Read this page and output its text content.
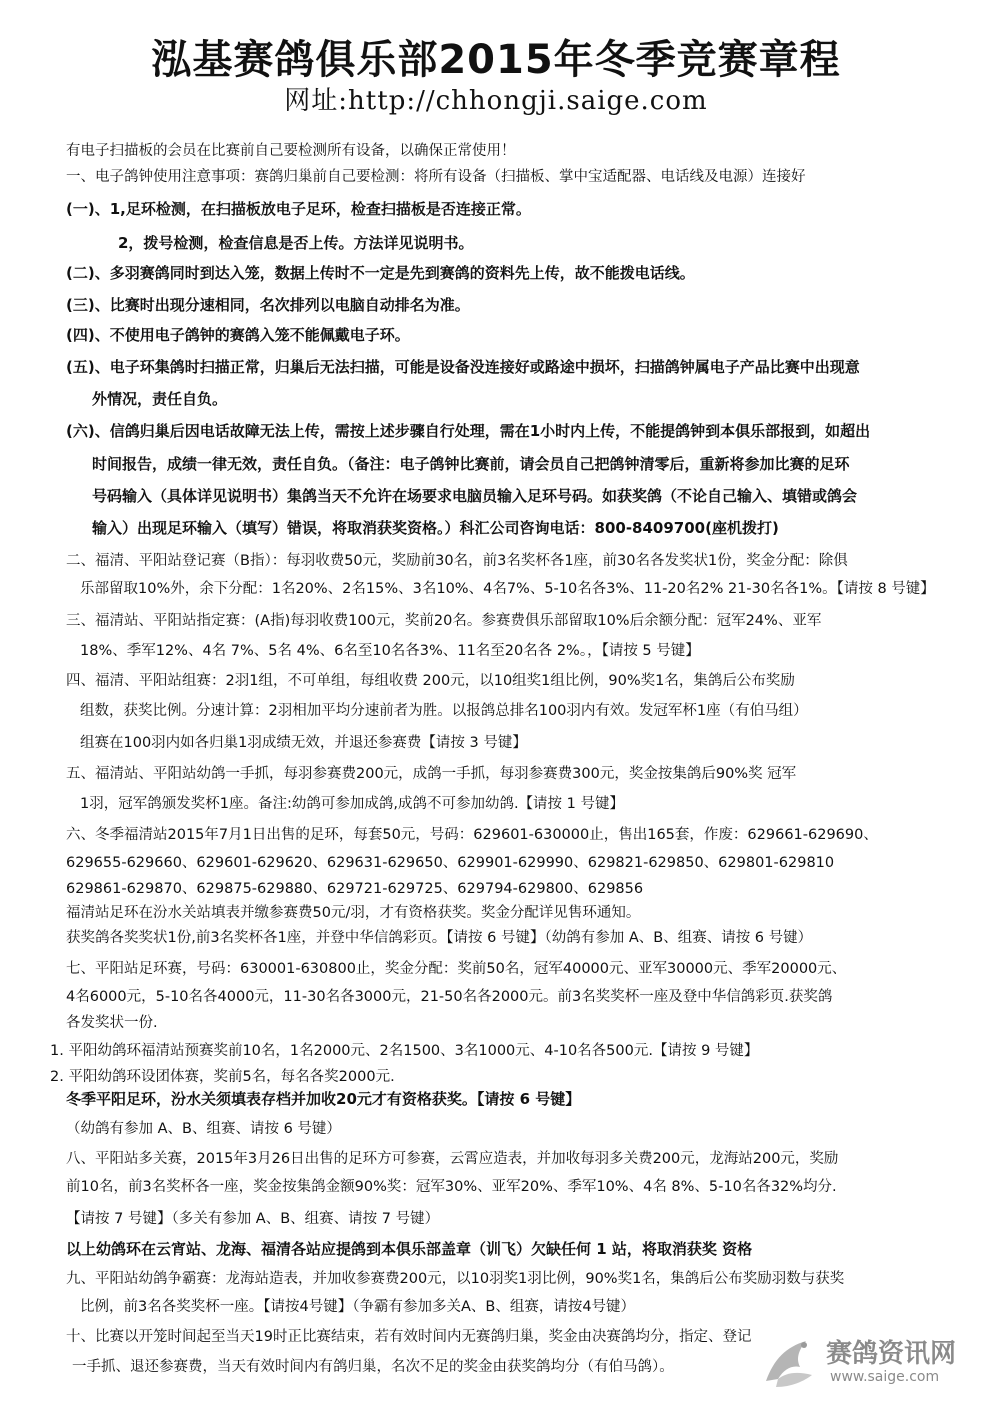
泓基赛鸽俱乐部2015年冬季竞赛章程
网址:http://chhongji.saige.com
有电子扫描板的会员在比赛前自己要检测所有设备，以确保正常使用！
一、电子鸽钟使用注意事项：赛鸽归巢前自己要检测：将所有设备（扫描板、掌中宝适配器、电话线及电源）连接好
(一)、1,足环检测，在扫描板放电子足环，检查扫描板是否连接正常。
2，拨号检测，检查信息是否上传。方法详见说明书。
(二)、多羽赛鸽同时到达入笼，数据上传时不一定是先到赛鸽的资料先上传，故不能拨电话线。
(三)、比赛时出现分速相同，名次排列以电脑自动排名为准。
(四)、不使用电子鸽钟的赛鸽入笼不能佩戴电子环。
(五)、电子环集鸽时扫描正常，归巢后无法扫描，可能是设备没连接好或路途中损坏，扫描鸽钟属电子产品比赛中出现意
外情况，责任自负。
(六)、信鸽归巢后因电话故障无法上传，需按上述步骤自行处理，需在1小时内上传，不能提鸽钟到本俱乐部报到，如超出
时间报告，成绩一律无效，责任自负。（备注：电子鸽钟比赛前，请会员自己把鸽钟清零后，重新将参加比赛的足环
号码输入（具体详见说明书）集鸽当天不允许在场要求电脑员输入足环号码。如获奖鸽（不论自己输入、填错或鸽会
输入）出现足环输入（填写）错误，将取消获奖资格。）科汇公司咨询电话：800-8409700(座机拨打)
二、福清、平阳站登记赛（B指）：每羽收费50元，奖励前30名，前3名奖杯各1座，前30名各发奖状1份，奖金分配：除俱
乐部留取10%外，余下分配：1名20%、2名15%、3名10%、4名7%、5-10名各3%、11-20名2% 21-30名各1%。【请按 8 号键】
三、福清站、平阳站指定赛：(A指)每羽收费100元，奖前20名。参赛费俱乐部留取10%后余额分配：冠军24%、亚军
18%、季军12%、4名 7%、5名 4%、6名至10名各3%、11名至20名各 2%。，【请按 5 号键】
四、福清、平阳站组赛：2羽1组，不可单组，每组收费 200元，以10组奖1组比例，90%奖1名，集鸽后公布奖励
组数，获奖比例。分速计算：2羽相加平均分速前者为胜。以报鸽总排名100羽内有效。发冠军杯1座（有伯马组）
组赛在100羽内如各归巢1羽成绩无效，并退还参赛费【请按 3 号键】
五、福清站、平阳站幼鸽一手抓，每羽参赛费200元，成鸽一手抓，每羽参赛费300元，奖金按集鸽后90%奖 冠军
1羽，冠军鸽颁发奖杯1座。备注:幼鸽可参加成鸽,成鸽不可参加幼鸽.【请按 1 号键】
六、冬季福清站2015年7月1日出售的足环，每套50元，号码：629601-630000止，售出165套，作废：629661-629690、
629655-629660、629601-629620、629631-629650、629901-629990、629821-629850、629801-629810
629861-629870、629875-629880、629721-629725、629794-629800、629856
福清站足环在汾水关站填表并缴参赛费50元/羽，才有资格获奖。奖金分配详见售环通知。
获奖鸽各奖奖状1份,前3名奖杯各1座，并登中华信鸽彩页。【请按 6 号键】（幼鸽有参加 A、B、组赛、请按 6 号键）
七、平阳站足环赛，号码：630001-630800止，奖金分配：奖前50名，冠军40000元、亚军30000元、季军20000元、
4名6000元，5-10名各4000元，11-30名各3000元，21-50名各2000元。前3名奖奖杯一座及登中华信鸽彩页.获奖鸽
各发奖状一份.
1. 平阳幼鸽环福清站预赛奖前10名，1名2000元、2名1500、3名1000元、4-10名各500元.【请按 9 号键】
2. 平阳幼鸽环设团体赛，奖前5名，每名各奖2000元.
冬季平阳足环，汾水关须填表存档并加收20元才有资格获奖。【请按 6 号键】
（幼鸽有参加 A、B、组赛、请按 6 号键）
八、平阳站多关赛，2015年3月26日出售的足环方可参赛，云霄应造表，并加收每羽多关费200元，龙海站200元，奖励
前10名，前3名奖杯各一座，奖金按集鸽金额90%奖：冠军30%、亚军20%、季军10%、4名 8%、5-10名各32%均分.
【请按 7 号键】（多关有参加 A、B、组赛、请按 7 号键）
以上幼鸽环在云宵站、龙海、福清各站应提鸽到本俱乐部盖章（训飞）欠缺任何 1 站，将取消获奖 资格
九、平阳站幼鸽争霸赛：龙海站造表，并加收参赛费200元，以10羽奖1羽比例，90%奖1名，集鸽后公布奖励羽数与获奖
比例，前3名各奖奖杯一座。【请按4号键】（争霸有参加多关A、B、组赛，请按4号键）
十、比赛以开笼时间起至当天19时正比赛结束，若有效时间内无赛鸽归巢，奖金由决赛鸽均分，指定、登记
一手抓、退还参赛费，当天有效时间内有鸽归巢，名次不足的奖金由获奖鸽均分（有伯马鸽）。	赛鸽资讯网
www.saige.com
